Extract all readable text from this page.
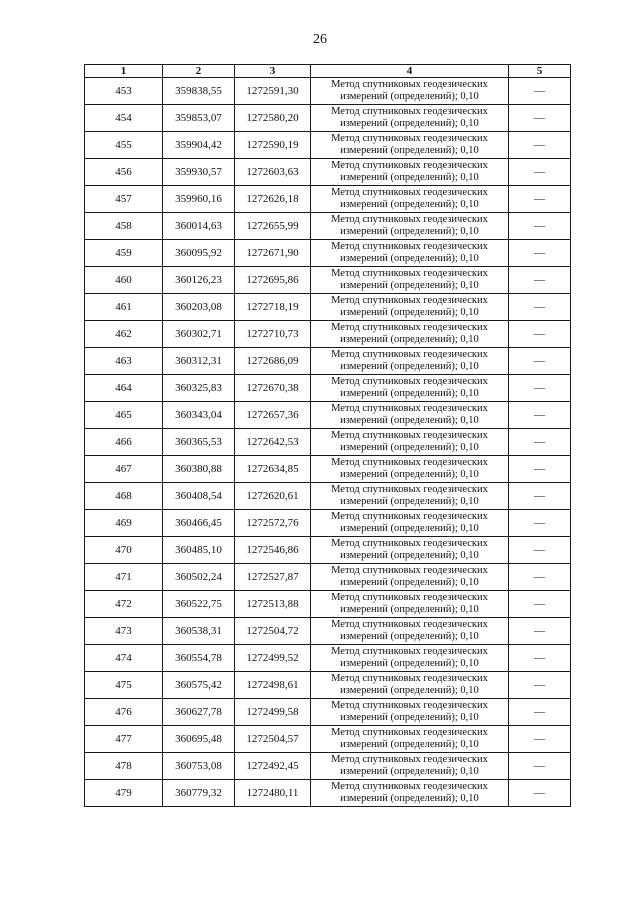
26
1	2	3	4	5
453	359838,55	1272591,30	Метод спутниковых геодезических
измерений (определений); 0,10	—
454	359853,07	1272580,20	Метод спутниковых геодезических
измерений (определений); 0,10	—
455	359904,42	1272590,19	Метод спутниковых геодезических
измерений (определений); 0,10	—
456	359930,57	1272603,63	Метод спутниковых геодезических
измерений (определений); 0,10	—
457	359960,16	1272626,18	Метод спутниковых геодезических
измерений (определений); 0,10	—
458	360014,63	1272655,99	Метод спутниковых геодезических
измерений (определений); 0,10	—
459	360095,92	1272671,90	Метод спутниковых геодезических
измерений (определений); 0,10	—
460	360126,23	1272695,86	Метод спутниковых геодезических
измерений (определений); 0,10	—
461	360203,08	1272718,19	Метод спутниковых геодезических
измерений (определений); 0,10	—
462	360302,71	1272710,73	Метод спутниковых геодезических
измерений (определений); 0,10	—
463	360312,31	1272686,09	Метод спутниковых геодезических
измерений (определений); 0,10	—
464	360325,83	1272670,38	Метод спутниковых геодезических
измерений (определений); 0,10	—
465	360343,04	1272657,36	Метод спутниковых геодезических
измерений (определений); 0,10	—
466	360365,53	1272642,53	Метод спутниковых геодезических
измерений (определений); 0,10	—
467	360380,88	1272634,85	Метод спутниковых геодезических
измерений (определений); 0,10	—
468	360408,54	1272620,61	Метод спутниковых геодезических
измерений (определений); 0,10	—
469	360466,45	1272572,76	Метод спутниковых геодезических
измерений (определений); 0,10	—
470	360485,10	1272546,86	Метод спутниковых геодезических
измерений (определений); 0,10	—
471	360502,24	1272527,87	Метод спутниковых геодезических
измерений (определений); 0,10	—
472	360522,75	1272513,88	Метод спутниковых геодезических
измерений (определений); 0,10	—
473	360538,31	1272504,72	Метод спутниковых геодезических
измерений (определений); 0,10	—
474	360554,78	1272499,52	Метод спутниковых геодезических
измерений (определений); 0,10	—
475	360575,42	1272498,61	Метод спутниковых геодезических
измерений (определений); 0,10	—
476	360627,78	1272499,58	Метод спутниковых геодезических
измерений (определений); 0,10	—
477	360695,48	1272504,57	Метод спутниковых геодезических
измерений (определений); 0,10	—
478	360753,08	1272492,45	Метод спутниковых геодезических
измерений (определений); 0,10	—
479	360779,32	1272480,11	Метод спутниковых геодезических
измерений (определений); 0,10	—
